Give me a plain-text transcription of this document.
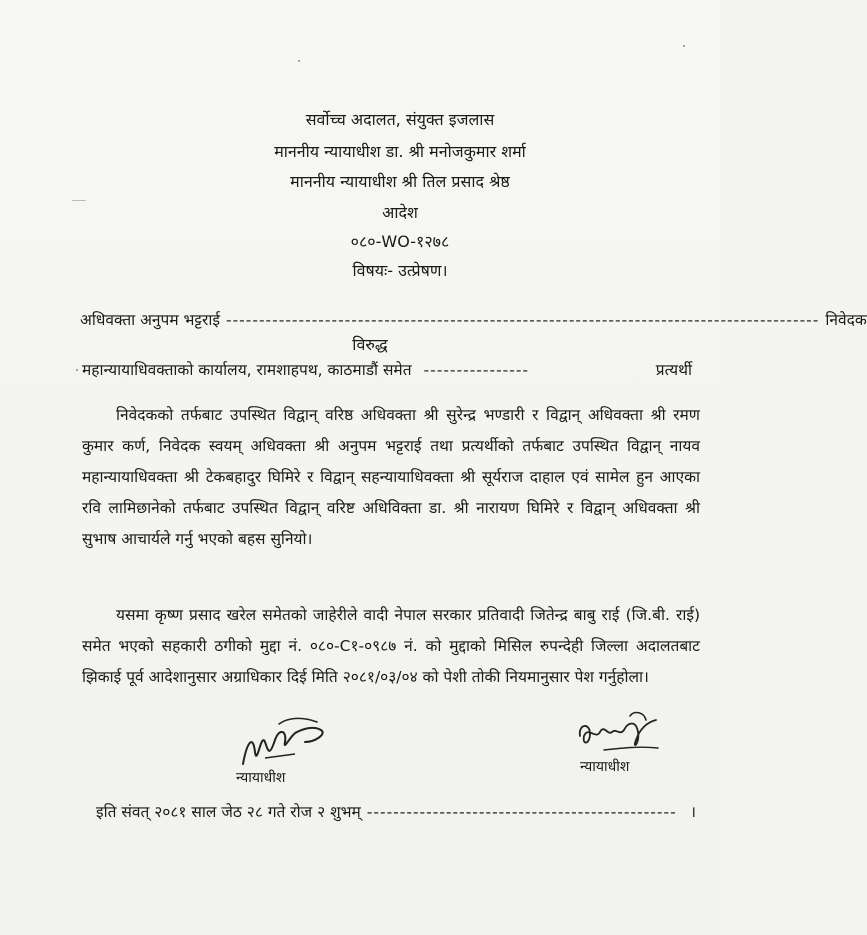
सर्वोच्च अदालत, संयुक्त इजलास
माननीय न्यायाधीश डा. श्री मनोजकुमार शर्मा
माननीय न्यायाधीश श्री तिल प्रसाद श्रेष्ठ
आदेश
०८०-WO-१२७८
विषयः- उत्प्रेषण।
अधिवक्ता अनुपम भट्टराई ------------------------------------------------------------------------------------------ निवेदक
विरुद्ध
महान्यायाधिवक्ताको कार्यालय, रामशाहपथ, काठमाडौं समेत ----------------	प्रत्यर्थी
निवेदकको तर्फबाट उपस्थित विद्वान् वरिष्ठ अधिवक्ता श्री सुरेन्द्र भण्डारी र विद्वान् अधिवक्ता श्री रमण कुमार कर्ण, निवेदक स्वयम् अधिवक्ता श्री अनुपम भट्टराई तथा प्रत्यर्थीको तर्फबाट उपस्थित विद्वान् नायव महान्यायाधिवक्ता श्री टेकबहादुर घिमिरे र विद्वान् सहन्यायाधिवक्ता श्री सूर्यराज दाहाल एवं सामेल हुन आएका रवि लामिछानेको तर्फबाट उपस्थित विद्वान् वरिष्ट अधिविक्ता डा. श्री नारायण घिमिरे र विद्वान् अधिवक्ता श्री सुभाष आचार्यले गर्नु भएको बहस सुनियो।
यसमा कृष्ण प्रसाद खरेल समेतको जाहेरीले वादी नेपाल सरकार प्रतिवादी जितेन्द्र बाबु राई (जि.बी. राई) समेत भएको सहकारी ठगीको मुद्दा नं. ०८०-C१-०९८७ नं. को मुद्दाको मिसिल रुपन्देही जिल्ला अदालतबाट झिकाई पूर्व आदेशानुसार अग्राधिकार दिई मिति २०८१/०३/०४ को पेशी तोकी नियमानुसार पेश गर्नुहोला।
न्यायाधीश
न्यायाधीश
इति संवत् २०८१ साल जेठ २८ गते रोज २ शुभम् ----------------------------------------------- ।
